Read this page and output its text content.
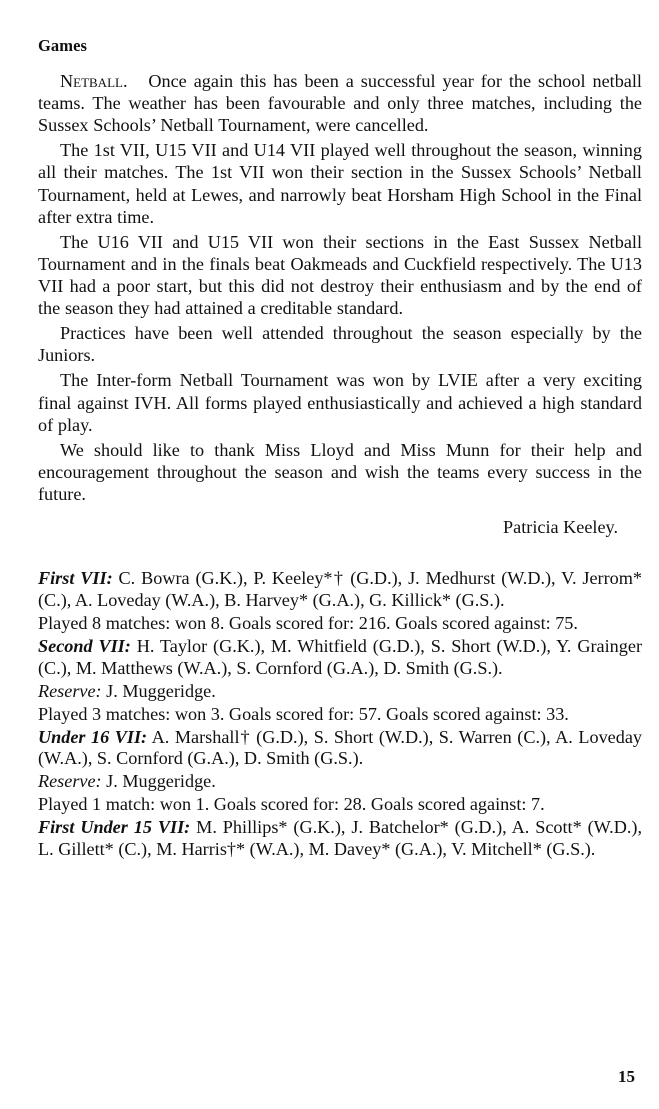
Games

Netball. Once again this has been a successful year for the school netball teams. The weather has been favourable and only three matches, including the Sussex Schools’ Netball Tournament, were cancelled.

The 1st VII, U15 VII and U14 VII played well throughout the season, winning all their matches. The 1st VII won their section in the Sussex Schools’ Netball Tournament, held at Lewes, and narrowly beat Horsham High School in the Final after extra time.

The U16 VII and U15 VII won their sections in the East Sussex Netball Tournament and in the finals beat Oakmeads and Cuckfield respectively. The U13 VII had a poor start, but this did not destroy their enthusiasm and by the end of the season they had attained a creditable standard.

Practices have been well attended throughout the season especially by the Juniors.

The Inter-form Netball Tournament was won by LVIE after a very exciting final against IVH. All forms played enthusiastically and achieved a high standard of play.

We should like to thank Miss Lloyd and Miss Munn for their help and encouragement throughout the season and wish the teams every success in the future.

Patricia Keeley.

First VII: C. Bowra (G.K.), P. Keeley*† (G.D.), J. Medhurst (W.D.), V. Jerrom* (C.), A. Loveday (W.A.), B. Harvey* (G.A.), G. Killick* (G.S.).

Played 8 matches: won 8. Goals scored for: 216. Goals scored against: 75.

Second VII: H. Taylor (G.K.), M. Whitfield (G.D.), S. Short (W.D.), Y. Grainger (C.), M. Matthews (W.A.), S. Cornford (G.A.), D. Smith (G.S.).

Reserve: J. Muggeridge.

Played 3 matches: won 3. Goals scored for: 57. Goals scored against: 33.

Under 16 VII: A. Marshall† (G.D.), S. Short (W.D.), S. Warren (C.), A. Loveday (W.A.), S. Cornford (G.A.), D. Smith (G.S.).

Reserve: J. Muggeridge.

Played 1 match: won 1. Goals scored for: 28. Goals scored against: 7.

First Under 15 VII: M. Phillips* (G.K.), J. Batchelor* (G.D.), A. Scott* (W.D.), L. Gillett* (C.), M. Harris†* (W.A.), M. Davey* (G.A.), V. Mitchell* (G.S.).

15
